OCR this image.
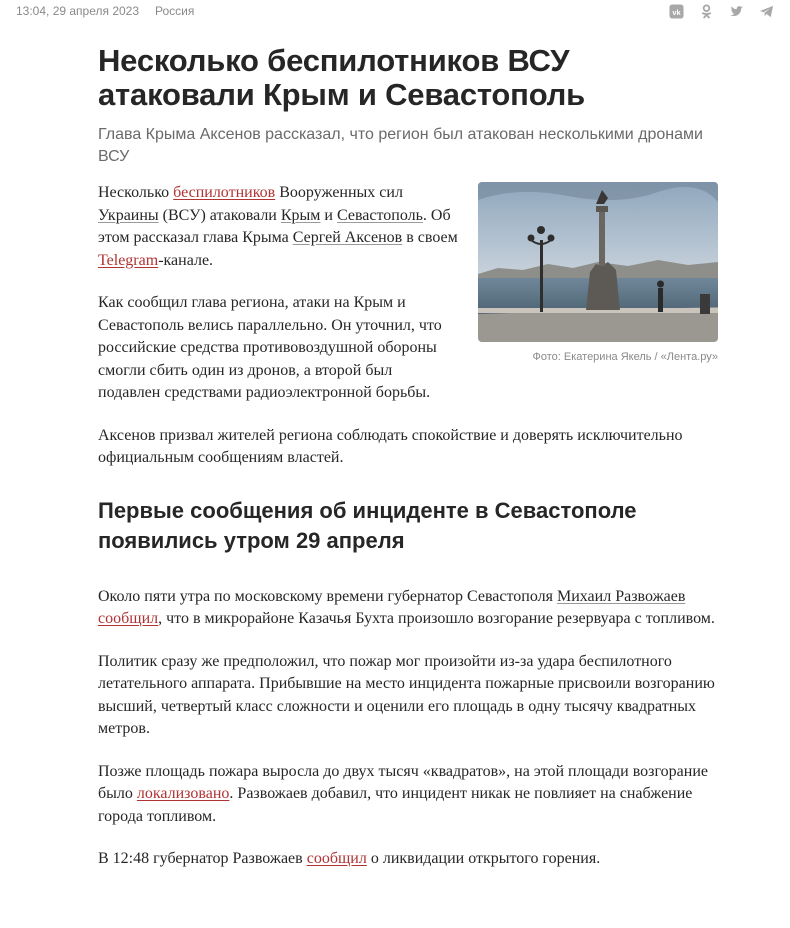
13:04, 29 апреля 2023 Россия	vk
Несколько беспилотников ВСУ атаковали Крым и Севастополь
Глава Крыма Аксенов рассказал, что регион был атакован несколькими дронами ВСУ
Фото: Екатерина Якель / «Лента.ру»

Несколько беспилотников Вооруженных сил Украины (ВСУ) атаковали Крым и Севастополь. Об этом рассказал глава Крыма Сергей Аксенов в своем Telegram-канале.

Как сообщил глава региона, атаки на Крым и Севастополь велись параллельно. Он уточнил, что российские средства противовоздушной обороны смогли сбить один из дронов, а второй был подавлен средствами радиоэлектронной борьбы.

Аксенов призвал жителей региона соблюдать спокойствие и доверять исключительно официальным сообщениям властей.

Первые сообщения об инциденте в Севастополе появились утром 29 апреля

Около пяти утра по московскому времени губернатор Севастополя Михаил Развожаев сообщил, что в микрорайоне Казачья Бухта произошло возгорание резервуара с топливом.

Политик сразу же предположил, что пожар мог произойти из-за удара беспилотного летательного аппарата. Прибывшие на место инцидента пожарные присвоили возгоранию высший, четвертый класс сложности и оценили его площадь в одну тысячу квадратных метров.

Позже площадь пожара выросла до двух тысяч «квадратов», на этой площади возгорание было локализовано. Развожаев добавил, что инцидент никак не повлияет на снабжение города топливом.

В 12:48 губернатор Развожаев сообщил о ликвидации открытого горения.
